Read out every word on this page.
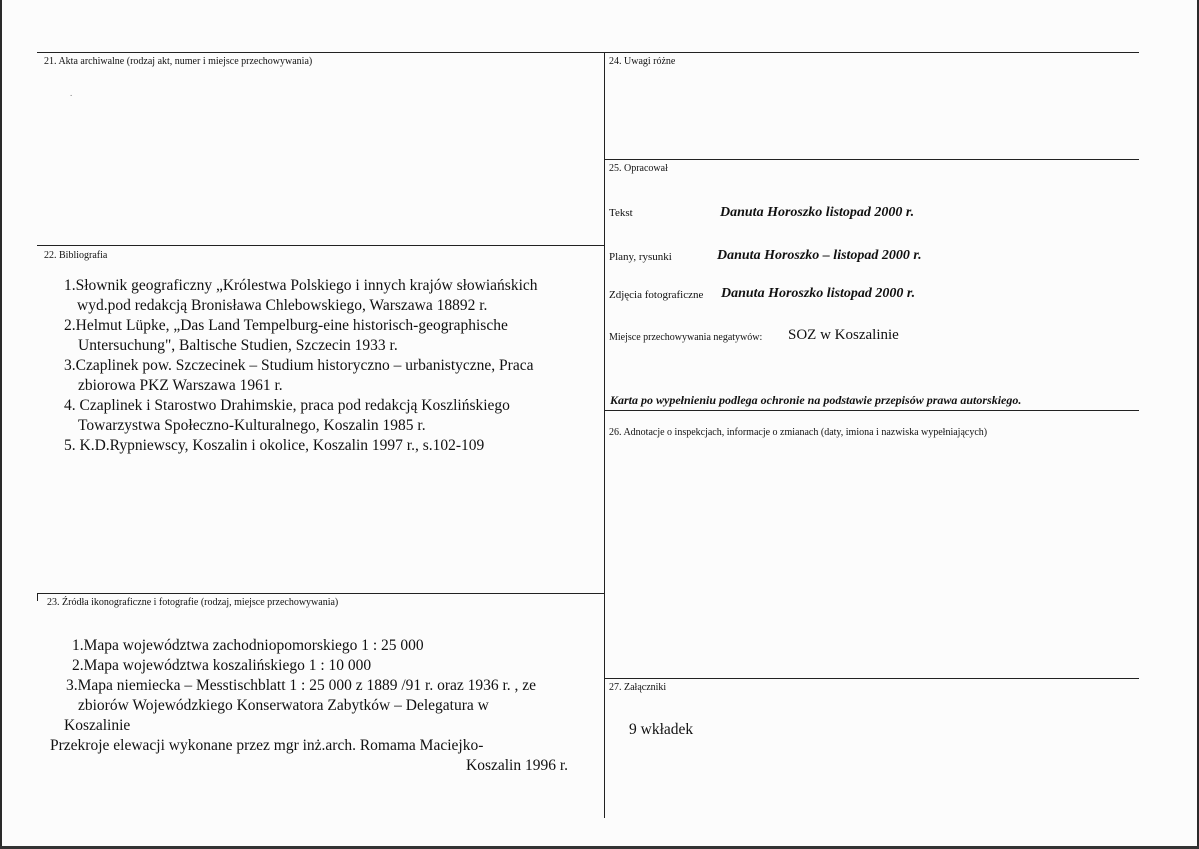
21. Akta archiwalne (rodzaj akt, numer i miejsce przechowywania)
.
22. Bibliografia
1.Słownik geograficzny „Królestwa Polskiego i innych krajów słowiańskich
wyd.pod redakcją Bronisława Chlebowskiego, Warszawa 18892 r.
2.Helmut Lüpke, „Das Land Tempelburg-eine historisch-geographische
Untersuchung", Baltische Studien, Szczecin 1933 r.
3.Czaplinek pow. Szczecinek – Studium historyczno – urbanistyczne, Praca
zbiorowa PKZ Warszawa 1961 r.
4. Czaplinek i Starostwo Drahimskie, praca pod redakcją Koszlińskiego
Towarzystwa Społeczno-Kulturalnego, Koszalin 1985 r.
5. K.D.Rypniewscy, Koszalin i okolice, Koszalin 1997 r., s.102-109
23. Źródła ikonograficzne i fotografie (rodzaj, miejsce przechowywania)
1.Mapa województwa zachodniopomorskiego 1 : 25 000
2.Mapa województwa koszalińskiego 1 : 10 000
3.Mapa niemiecka – Messtischblatt 1 : 25 000 z 1889 /91 r. oraz 1936 r. , ze
zbiorów Wojewódzkiego Konserwatora Zabytków – Delegatura w
Koszalinie
Przekroje elewacji wykonane przez mgr inż.arch. Romama Maciejko-
Koszalin 1996 r.
24. Uwagi różne
25. Opracował
Tekst	Danuta Horoszko listopad 2000 r.
Plany, rysunki	Danuta Horoszko – listopad 2000 r.
Zdjęcia fotograficzne Danuta Horoszko listopad 2000 r.
Miejsce przechowywania negatywów: SOZ w Koszalinie
Karta po wypełnieniu podlega ochronie na podstawie przepisów prawa autorskiego.
26. Adnotacje o inspekcjach, informacje o zmianach (daty, imiona i nazwiska wypełniających)
27. Załączniki
9 wkładek
